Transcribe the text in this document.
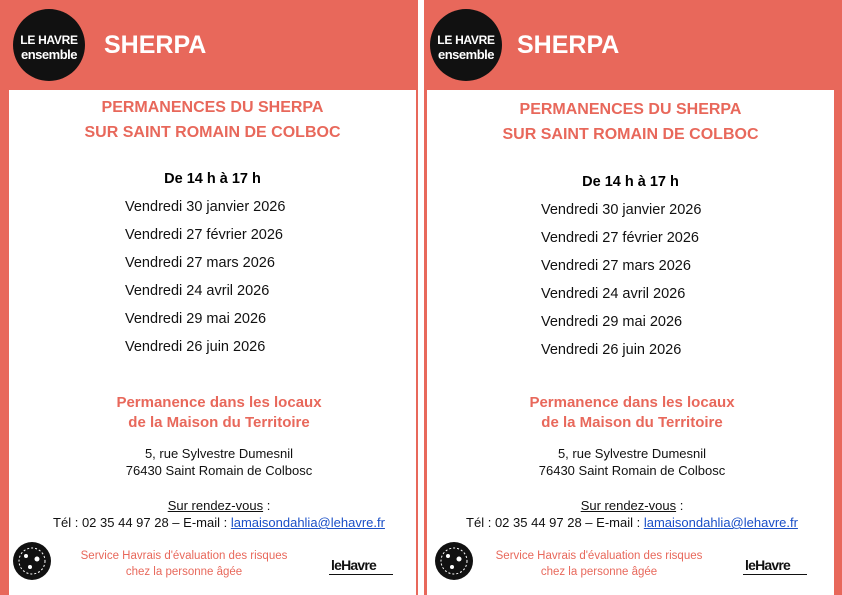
LE HAVRE
ensemble	SHERPA
PERMANENCES DU SHERPA
SUR SAINT ROMAIN DE COLBOC
De 14 h à 17 h
Vendredi 30 janvier 2026
Vendredi 27 février 2026
Vendredi 27 mars 2026
Vendredi 24 avril 2026
Vendredi 29 mai 2026
Vendredi 26 juin 2026
Permanence dans les locaux
de la Maison du Territoire
5, rue Sylvestre Dumesnil
76430 Saint Romain de Colbosc
Sur rendez-vous :
Tél : 02 35 44 97 28 – E-mail : lamaisondahlia@lehavre.fr
Service Havrais d'évaluation des risques
chez la personne âgée	leHavre
LE HAVRE
ensemble SHERPA
PERMANENCES DU SHERPA
SUR SAINT ROMAIN DE COLBOC
De 14 h à 17 h
Vendredi 30 janvier 2026
Vendredi 27 février 2026
Vendredi 27 mars 2026
Vendredi 24 avril 2026
Vendredi 29 mai 2026
Vendredi 26 juin 2026
Permanence dans les locaux
de la Maison du Territoire
5, rue Sylvestre Dumesnil
76430 Saint Romain de Colbosc
Sur rendez-vous :
Tél : 02 35 44 97 28 – E-mail : lamaisondahlia@lehavre.fr
Service Havrais d'évaluation des risques
chez la personne âgée	leHavre
